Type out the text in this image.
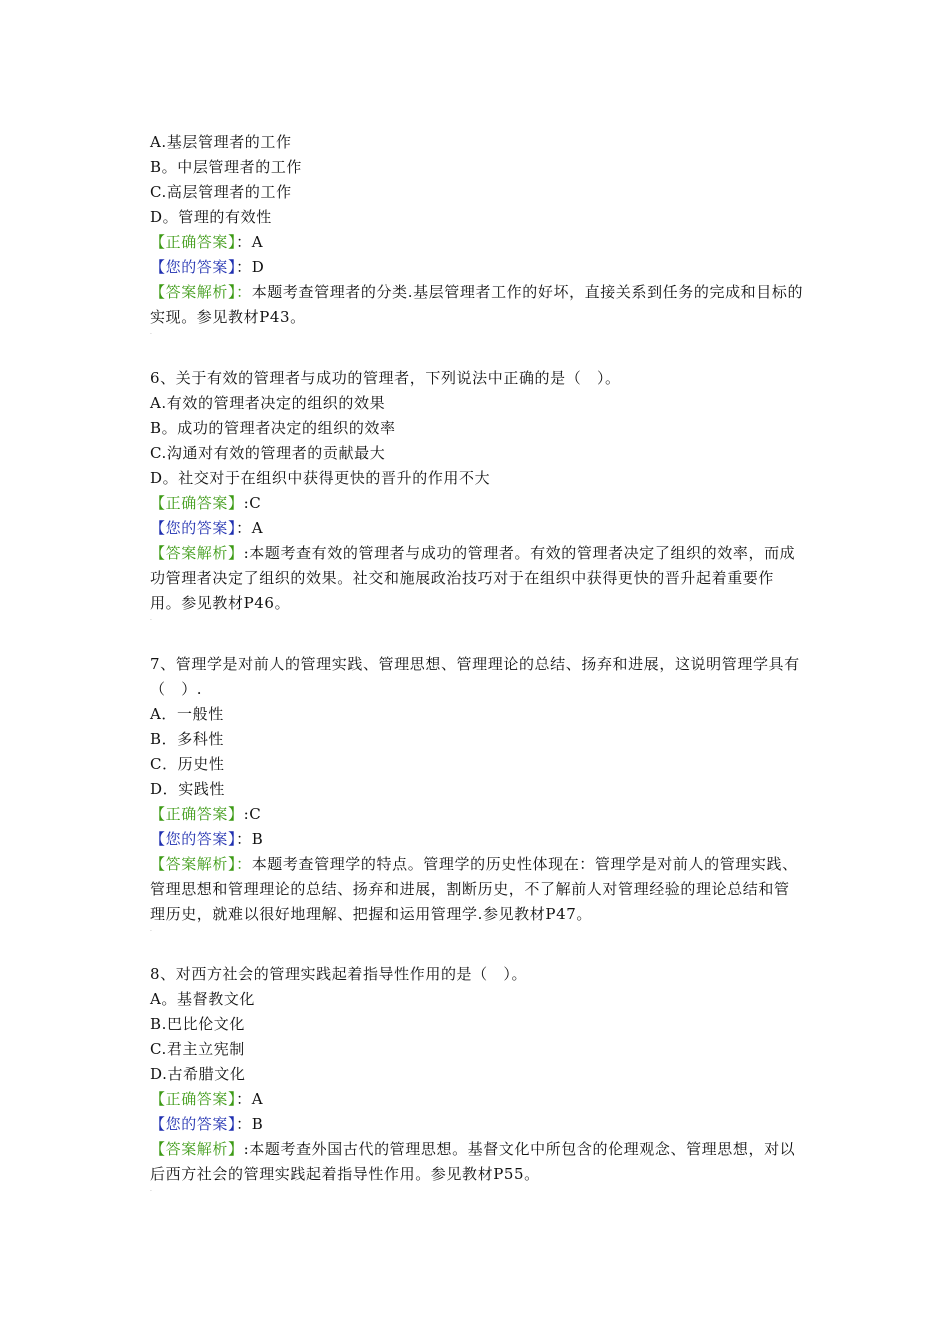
A.基层管理者的工作
B。中层管理者的工作
C.高层管理者的工作
D。管理的有效性
【正确答案】：A
【您的答案】：D
【答案解析】：本题考查管理者的分类.基层管理者工作的好坏，直接关系到任务的完成和目标的实现。参见教材P43。
·
6、关于有效的管理者与成功的管理者，下列说法中正确的是（　）。
A.有效的管理者决定的组织的效果
B。成功的管理者决定的组织的效率
C.沟通对有效的管理者的贡献最大
D。社交对于在组织中获得更快的晋升的作用不大
【正确答案】:C
【您的答案】：A
【答案解析】:本题考查有效的管理者与成功的管理者。有效的管理者决定了组织的效率，而成功管理者决定了组织的效果。社交和施展政治技巧对于在组织中获得更快的晋升起着重要作用。参见教材P46。
·
7、管理学是对前人的管理实践、管理思想、管理理论的总结、扬弃和进展，这说明管理学具有（　）.
A．一般性
B．多科性
C．历史性
D．实践性
【正确答案】:C
【您的答案】：B
【答案解析】：本题考查管理学的特点。管理学的历史性体现在：管理学是对前人的管理实践、管理思想和管理理论的总结、扬弃和进展，割断历史，不了解前人对管理经验的理论总结和管理历史，就难以很好地理解、把握和运用管理学.参见教材P47。
·
8、对西方社会的管理实践起着指导性作用的是（　）。
A。基督教文化
B.巴比伦文化
C.君主立宪制
D.古希腊文化
【正确答案】：A
【您的答案】：B
【答案解析】:本题考查外国古代的管理思想。基督文化中所包含的伦理观念、管理思想，对以后西方社会的管理实践起着指导性作用。参见教材P55。
·
